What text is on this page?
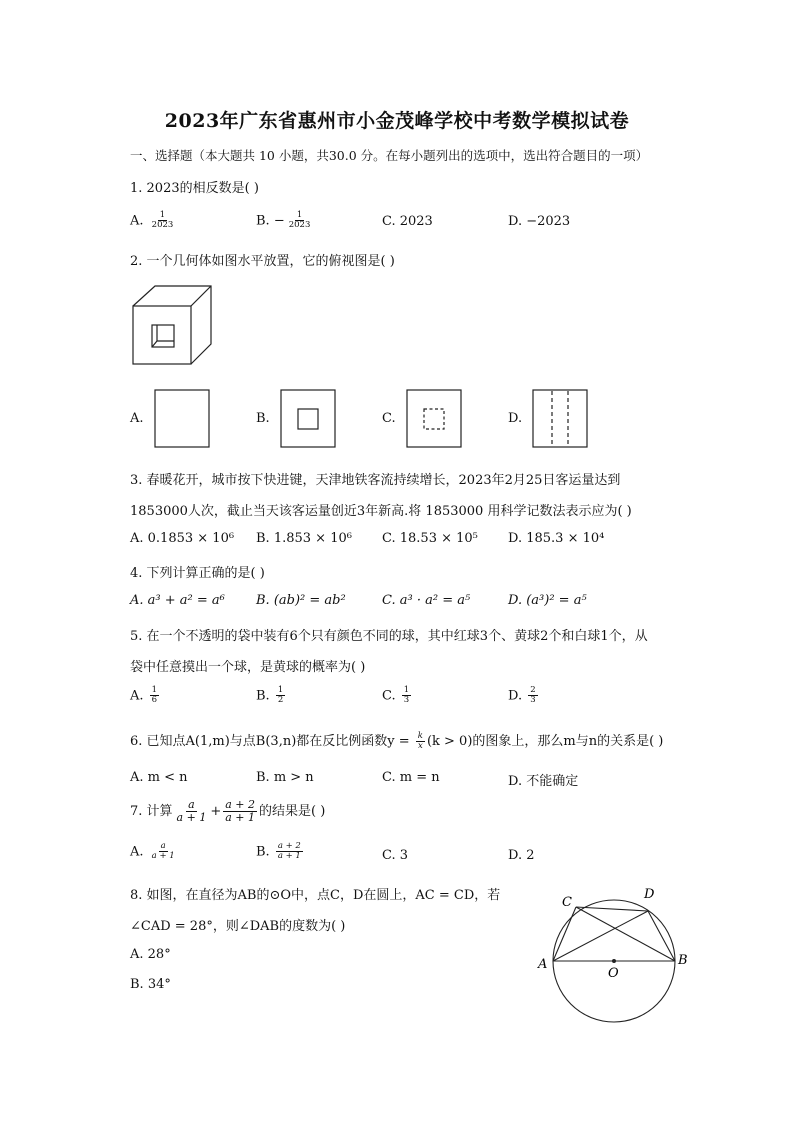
2023年广东省惠州市小金茂峰学校中考数学模拟试卷
一、选择题（本大题共 10 小题，共30.0 分。在每小题列出的选项中，选出符合题目的一项）
1. 2023的相反数是( )
A. $\frac{1}{2023}$	B. − $\frac{1}{2023}$	C. 2023	D. −2023
2. 一个几何体如图水平放置，它的俯视图是( )
A.	B.	C.	D.
3. 春暖花开，城市按下快进键，天津地铁客流持续增长，2023年2月25日客运量达到
1853000人次，截止当天该客运量创近3年新高.将 1853000 用科学记数法表示应为( )
A. 0.1853 × 10⁶ B. 1.853 × 10⁶ C. 18.53 × 10⁵ D. 185.3 × 10⁴
4. 下列计算正确的是( )
A. a³ + a² = a⁶ B. (ab)² = ab²	C. a³ · a² = a⁵	D. (a³)² = a⁵
5. 在一个不透明的袋中装有6个只有颜色不同的球，其中红球3个、黄球2个和白球1个，从
袋中任意摸出一个球，是黄球的概率为( )
A. $\frac{1}{6}$	B. $\frac{1}{2}$	C. $\frac{1}{3}$	D. $\frac{2}{3}$
6. 已知点A(1,m)与点B(3,n)都在反比例函数$y = \frac{k}{x} (k > 0)$的图象上，那么m与n的关系是( )
A. m < n	B. m > n	C. m = n	D. 不能确定
7. 计算 $\frac{a}{a + 1} + \frac{a + 2}{a + 1}$ 的结果是( )
A. $\frac{a}{a + 1}$	B. $\frac{a + 2}{a + 1}$	C. 3	D. 2
8. 如图，在直径为AB的⊙O中，点C，D在圆上，AC = CD，若
∠CAD = 28°，则∠DAB的度数为( )
A. 28°
B. 34°
A	B
C
D
O
